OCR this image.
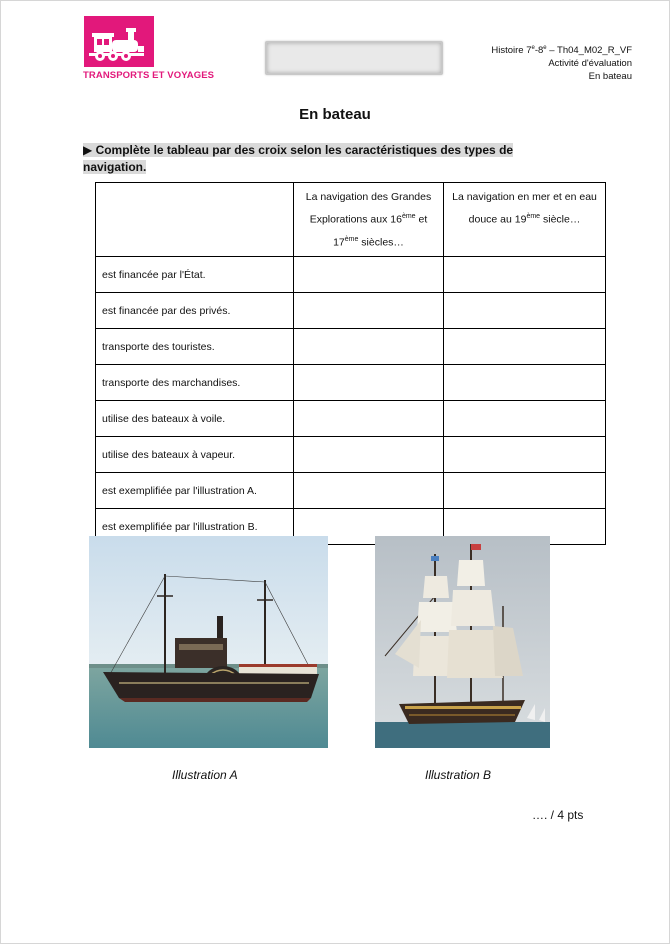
TRANSPORTS ET VOYAGES
Histoire 7e-8e – Th04_M02_R_VF
Activité d'évaluation
En bateau
En bateau
▶ Complète le tableau par des croix selon les caractéristiques des types de navigation.
	La navigation des Grandes Explorations aux 16ème et 17ème siècles…	La navigation en mer et en eau douce au 19ème siècle…
est financée par l'État.		
est financée par des privés.		
transporte des touristes.		
transporte des marchandises.		
utilise des bateaux à voile.		
utilise des bateaux à vapeur.		
est exemplifiée par l'illustration A.		
est exemplifiée par l'illustration B.		
Illustration A	Illustration B
…. / 4 pts
